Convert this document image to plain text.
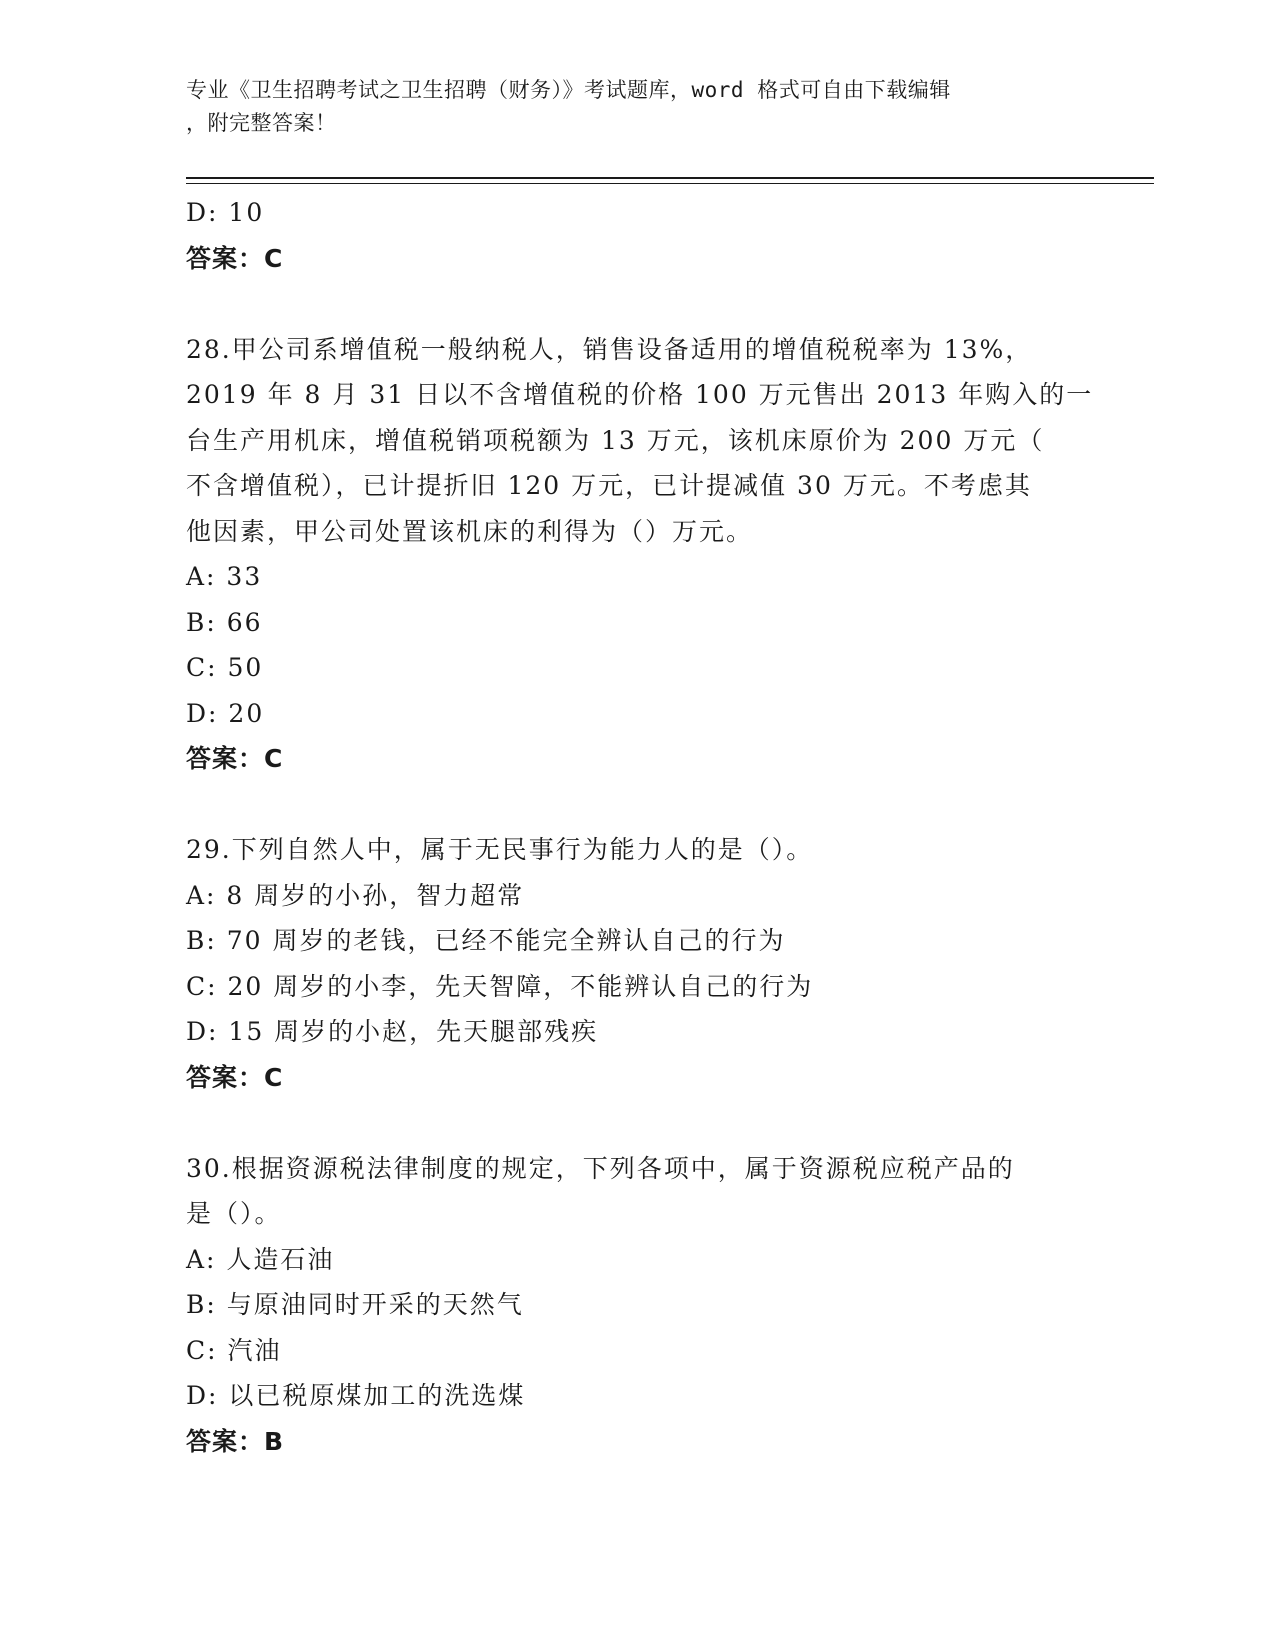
专业《卫生招聘考试之卫生招聘（财务）》考试题库，word 格式可自由下载编辑
，附完整答案！
D: 10
答案：C
28.甲公司系增值税一般纳税人，销售设备适用的增值税税率为 13%，
2019 年 8 月 31 日以不含增值税的价格 100 万元售出 2013 年购入的一
台生产用机床，增值税销项税额为 13 万元，该机床原价为 200 万元（
不含增值税），已计提折旧 120 万元，已计提减值 30 万元。不考虑其
他因素，甲公司处置该机床的利得为（）万元。
A: 33
B: 66
C: 50
D: 20
答案：C
29.下列自然人中，属于无民事行为能力人的是（）。
A: 8 周岁的小孙，智力超常
B: 70 周岁的老钱，已经不能完全辨认自己的行为
C: 20 周岁的小李，先天智障，不能辨认自己的行为
D: 15 周岁的小赵，先天腿部残疾
答案：C
30.根据资源税法律制度的规定，下列各项中，属于资源税应税产品的
是（）。
A: 人造石油
B: 与原油同时开采的天然气
C: 汽油
D: 以已税原煤加工的洗选煤
答案：B
